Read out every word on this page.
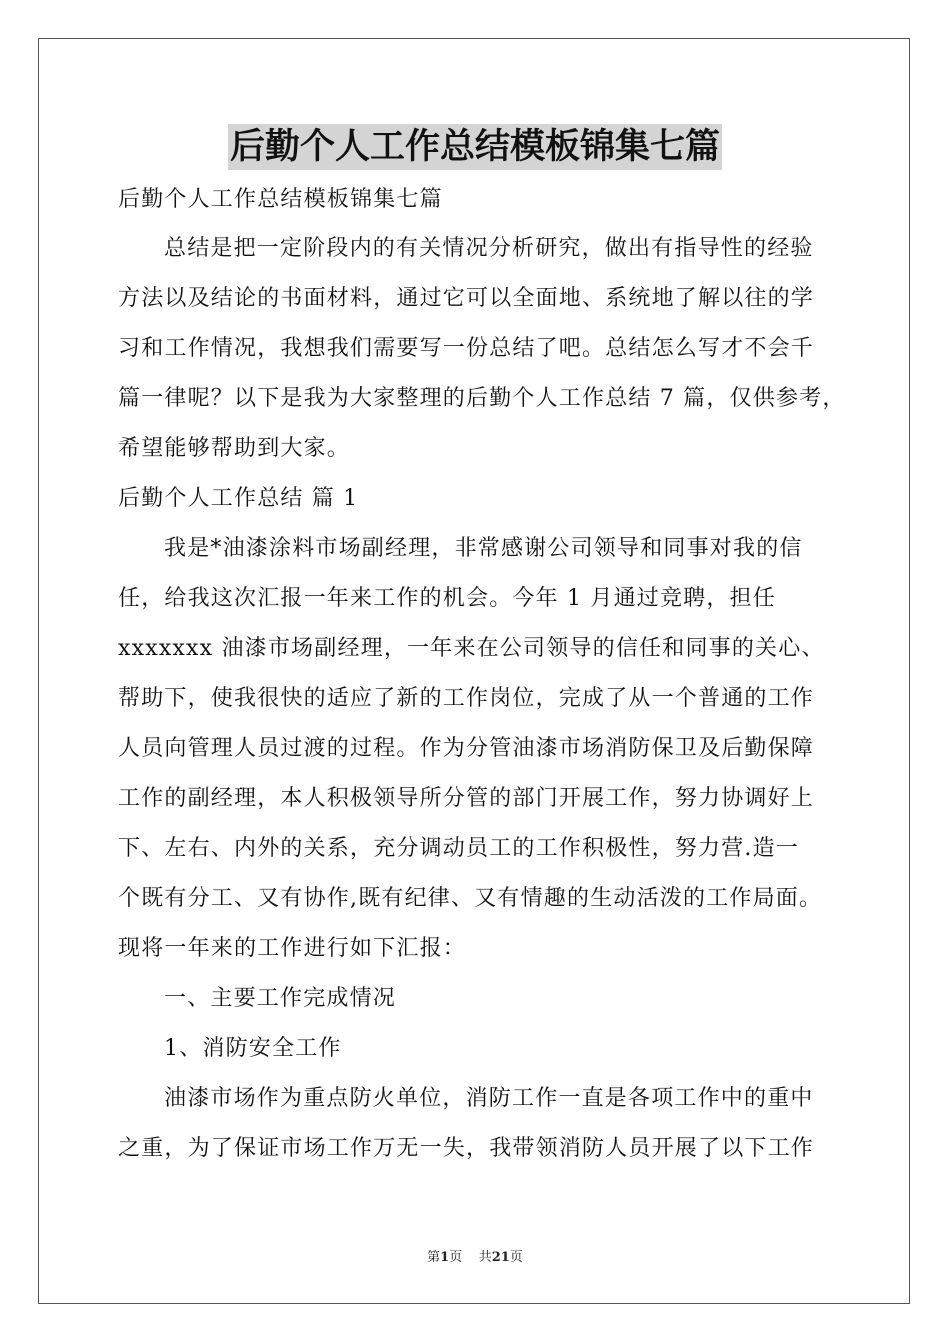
后勤个人工作总结模板锦集七篇
后勤个人工作总结模板锦集七篇
总结是把一定阶段内的有关情况分析研究，做出有指导性的经验
方法以及结论的书面材料，通过它可以全面地、系统地了解以往的学
习和工作情况，我想我们需要写一份总结了吧。总结怎么写才不会千
篇一律呢？以下是我为大家整理的后勤个人工作总结 7 篇，仅供参考，
希望能够帮助到大家。
后勤个人工作总结 篇 1
我是*油漆涂料市场副经理，非常感谢公司领导和同事对我的信
任，给我这次汇报一年来工作的机会。今年 1 月通过竞聘，担任
xxxxxxx 油漆市场副经理，一年来在公司领导的信任和同事的关心、
帮助下，使我很快的适应了新的工作岗位，完成了从一个普通的工作
人员向管理人员过渡的过程。作为分管油漆市场消防保卫及后勤保障
工作的副经理，本人积极领导所分管的部门开展工作，努力协调好上
下、左右、内外的关系，充分调动员工的工作积极性，努力营.造一
个既有分工、又有协作,既有纪律、又有情趣的生动活泼的工作局面。
现将一年来的工作进行如下汇报：
一、主要工作完成情况
1、消防安全工作
油漆市场作为重点防火单位，消防工作一直是各项工作中的重中
之重，为了保证市场工作万无一失，我带领消防人员开展了以下工作
第1页 共21页
